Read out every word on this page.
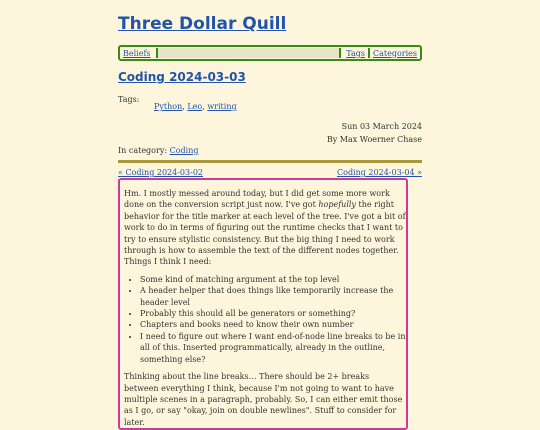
Three Dollar Quill
Beliefs	Tags	Categories
Coding 2024-03-03
Tags:
Python, Leo, writing
Sun 03 March 2024
By Max Woerner Chase
In category: Coding
« Coding 2024-03-02	Coding 2024-03-04 »

Hm. I mostly messed around today, but I did get some more work done on the conversion script just now. I've got hopefully the right behavior for the title marker at each level of the tree. I've got a bit of work to do in terms of figuring out the runtime checks that I want to try to ensure stylistic consistency. But the big thing I need to work through is how to assemble the text of the different nodes together. Things I think I need:

• Some kind of matching argument at the top level
• A header helper that does things like temporarily increase the header level
• Probably this should all be generators or something?
• Chapters and books need to know their own number
• I need to figure out where I want end-of-node line breaks to be in all of this. Inserted programmatically, already in the outline, something else?

Thinking about the line breaks… There should be 2+ breaks between everything I think, because I'm not going to want to have multiple scenes in a paragraph, probably. So, I can either emit those as I go, or say "okay, join on double newlines". Stuff to consider for later.
